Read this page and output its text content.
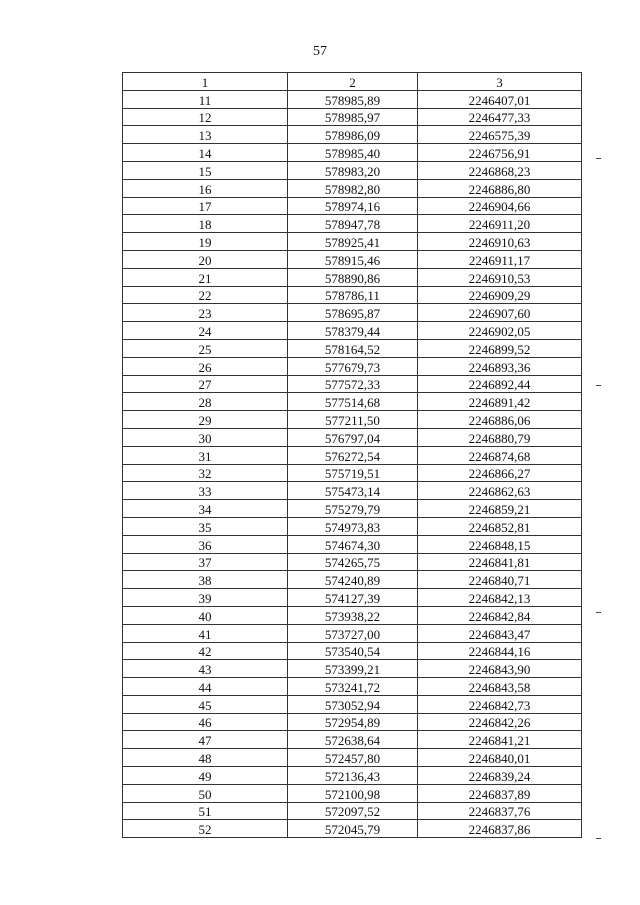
57
1	2	3
11	578985,89	2246407,01
12	578985,97	2246477,33
13	578986,09	2246575,39
14	578985,40	2246756,91
15	578983,20	2246868,23
16	578982,80	2246886,80
17	578974,16	2246904,66
18	578947,78	2246911,20
19	578925,41	2246910,63
20	578915,46	2246911,17
21	578890,86	2246910,53
22	578786,11	2246909,29
23	578695,87	2246907,60
24	578379,44	2246902,05
25	578164,52	2246899,52
26	577679,73	2246893,36
27	577572,33	2246892,44
28	577514,68	2246891,42
29	577211,50	2246886,06
30	576797,04	2246880,79
31	576272,54	2246874,68
32	575719,51	2246866,27
33	575473,14	2246862,63
34	575279,79	2246859,21
35	574973,83	2246852,81
36	574674,30	2246848,15
37	574265,75	2246841,81
38	574240,89	2246840,71
39	574127,39	2246842,13
40	573938,22	2246842,84
41	573727,00	2246843,47
42	573540,54	2246844,16
43	573399,21	2246843,90
44	573241,72	2246843,58
45	573052,94	2246842,73
46	572954,89	2246842,26
47	572638,64	2246841,21
48	572457,80	2246840,01
49	572136,43	2246839,24
50	572100,98	2246837,89
51	572097,52	2246837,76
52	572045,79	2246837,86
